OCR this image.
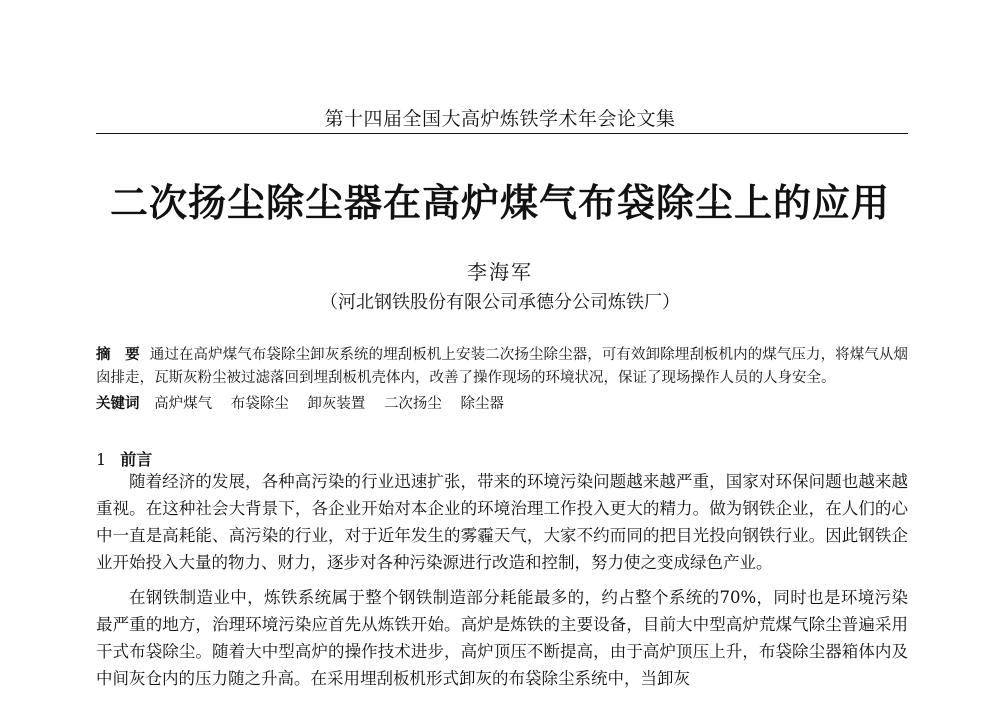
第十四届全国大高炉炼铁学术年会论文集
二次扬尘除尘器在高炉煤气布袋除尘上的应用
李海军
（河北钢铁股份有限公司承德分公司炼铁厂）
摘　要 通过在高炉煤气布袋除尘卸灰系统的埋刮板机上安装二次扬尘除尘器，可有效卸除埋刮板机内的煤气压力，将煤气从烟囱排走，瓦斯灰粉尘被过滤落回到埋刮板机壳体内，改善了操作现场的环境状况，保证了现场操作人员的人身安全。
关键词 高炉煤气 布袋除尘 卸灰装置 二次扬尘 除尘器
1 前言

随着经济的发展，各种高污染的行业迅速扩张，带来的环境污染问题越来越严重，国家对环保问题也越来越重视。在这种社会大背景下，各企业开始对本企业的环境治理工作投入更大的精力。做为钢铁企业，在人们的心中一直是高耗能、高污染的行业，对于近年发生的雾霾天气，大家不约而同的把目光投向钢铁行业。因此钢铁企业开始投入大量的物力、财力，逐步对各种污染源进行改造和控制，努力使之变成绿色产业。

在钢铁制造业中，炼铁系统属于整个钢铁制造部分耗能最多的，约占整个系统的70%，同时也是环境污染最严重的地方，治理环境污染应首先从炼铁开始。高炉是炼铁的主要设备，目前大中型高炉荒煤气除尘普遍采用干式布袋除尘。随着大中型高炉的操作技术进步，高炉顶压不断提高，由于高炉顶压上升，布袋除尘器箱体内及中间灰仓内的压力随之升高。在采用埋刮板机形式卸灰的布袋除尘系统中，当卸灰
